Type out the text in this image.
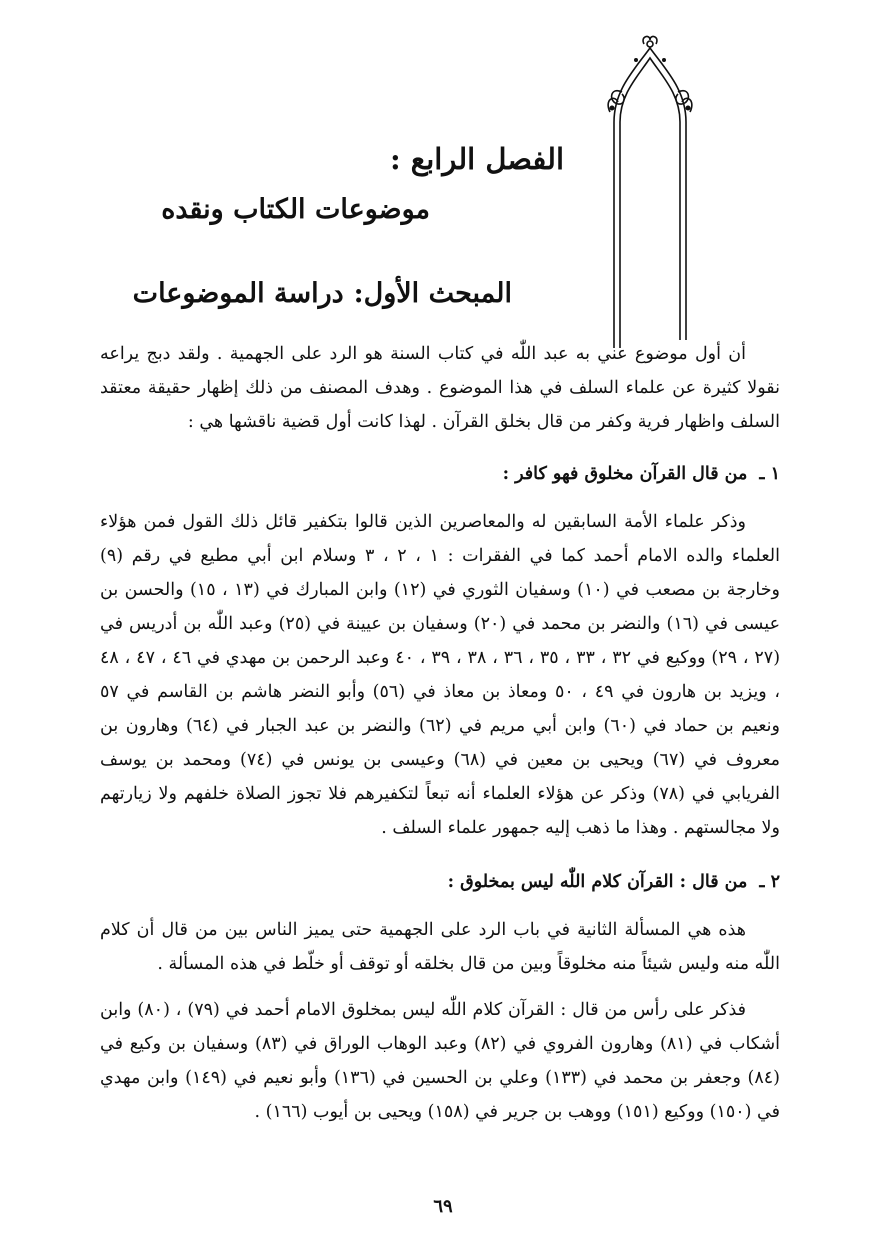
الفصل الرابع :
موضوعات الكتاب ونقده
المبحث الأول:دراسة الموضوعات

أن أول موضوع عني به عبد اللّٰه في كتاب السنة هو الرد على الجهمية . ولقد دبج يراعه نقولا كثيرة عن علماء السلف في هذا الموضوع . وهدف المصنف من ذلك إظهار حقيقة معتقد السلف واظهار فرية وكفر من قال بخلق القرآن . لهذا كانت أول قضية ناقشها هي :

١ ـمن قال القرآن مخلوق فهو كافر :

وذكر علماء الأمة السابقين له والمعاصرين الذين قالوا بتكفير قائل ذلك القول فمن هؤلاء العلماء والده الامام أحمد كما في الفقرات : ١ ، ٢ ، ٣ وسلام ابن أبي مطيع في رقم (٩) وخارجة بن مصعب في (١٠) وسفيان الثوري في (١٢) وابن المبارك في (١٣ ، ١٥) والحسن بن عيسى في (١٦) والنضر بن محمد في (٢٠) وسفيان بن عيينة في (٢٥) وعبد اللّٰه بن أدريس في (٢٧ ، ٢٩) ووكيع في ٣٢ ، ٣٣ ، ٣٥ ، ٣٦ ، ٣٨ ، ٣٩ ، ٤٠ وعبد الرحمن بن مهدي في ٤٦ ، ٤٧ ، ٤٨ ، ويزيد بن هارون في ٤٩ ، ٥٠ ومعاذ بن معاذ في (٥٦) وأبو النضر هاشم بن القاسم في ٥٧ ونعيم بن حماد في (٦٠) وابن أبي مريم في (٦٢) والنضر بن عبد الجبار في (٦٤) وهارون بن معروف في (٦٧) ويحيى بن معين في (٦٨) وعيسى بن يونس في (٧٤) ومحمد بن يوسف الفريابي في (٧٨) وذكر عن هؤلاء العلماء أنه تبعاً لتكفيرهم فلا تجوز الصلاة خلفهم ولا زيارتهم ولا مجالستهم . وهذا ما ذهب إليه جمهور علماء السلف .

٢ ـمن قال : القرآن كلام اللّٰه ليس بمخلوق :

هذه هي المسألة الثانية في باب الرد على الجهمية حتى يميز الناس بين من قال أن كلام اللّٰه منه وليس شيئاً منه مخلوقاً وبين من قال بخلقه أو توقف أو خلّط في هذه المسألة .

فذكر على رأس من قال : القرآن كلام اللّٰه ليس بمخلوق الامام أحمد في (٧٩) ، (٨٠) وابن أشكاب في (٨١) وهارون الفروي في (٨٢) وعبد الوهاب الوراق في (٨٣) وسفيان بن وكيع في (٨٤) وجعفر بن محمد في (١٣٣) وعلي بن الحسين في (١٣٦) وأبو نعيم في (١٤٩) وابن مهدي في (١٥٠) ووكيع (١٥١) ووهب بن جرير في (١٥٨) ويحيى بن أيوب (١٦٦) .

٦٩
